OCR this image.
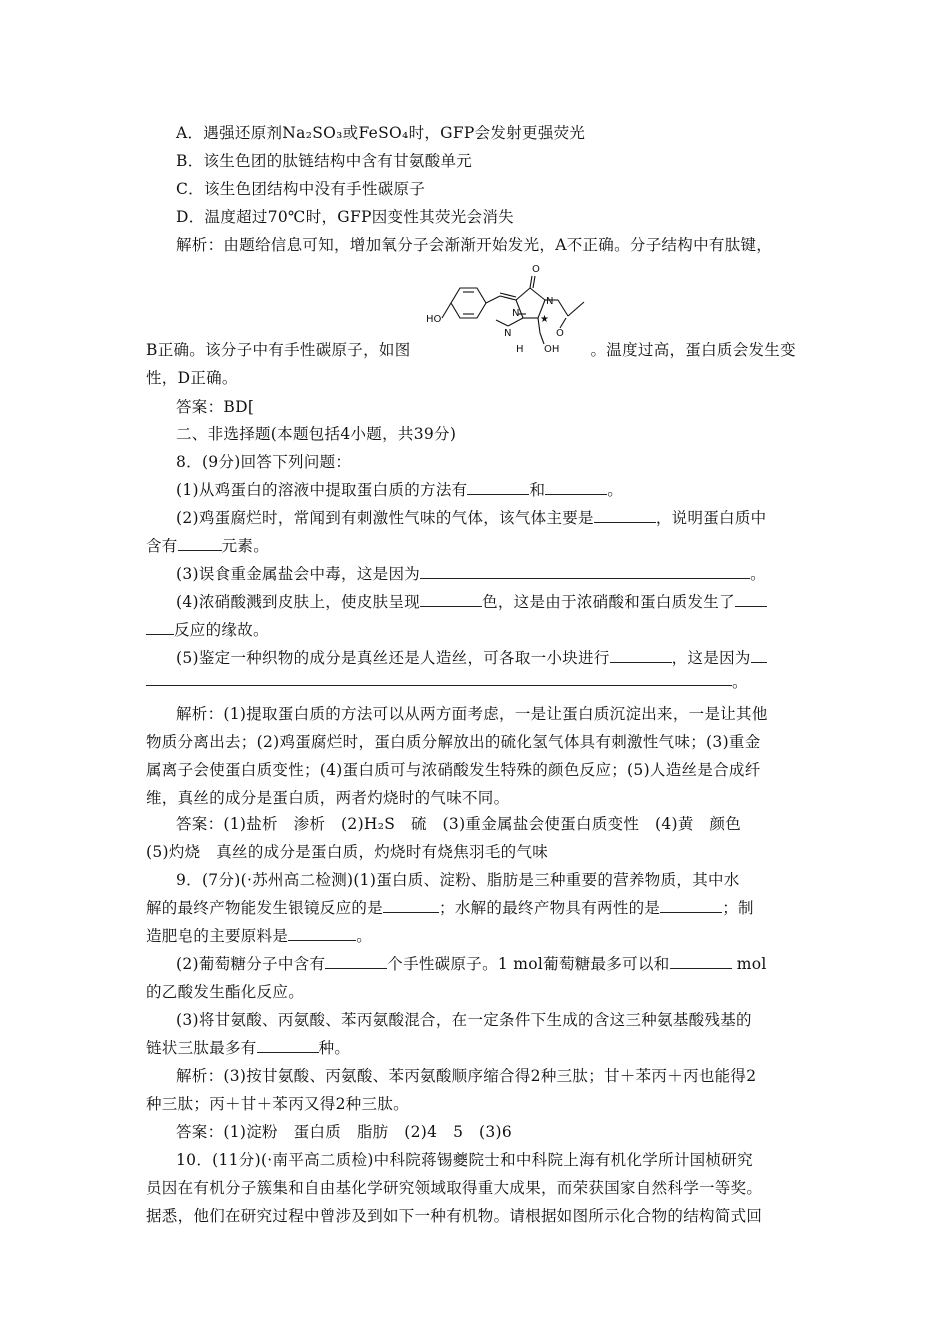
A．遇强还原剂Na₂SO₃或FeSO₄时，GFP会发射更强荧光
B．该生色团的肽链结构中含有甘氨酸单元
C．该生色团结构中没有手性碳原子
D．温度超过70℃时，GFP因变性其荧光会消失
解析：由题给信息可知，增加氧分子会渐渐开始发光，A不正确。分子结构中有肽键，
HO
O
N
N
O
★
N
H OH
B正确。该分子中有手性碳原子，如图	。温度过高，蛋白质会发生变
性，D正确。
答案：BD[
二、非选择题(本题包括4小题，共39分)
8．(9分)回答下列问题：
(1)从鸡蛋白的溶液中提取蛋白质的方法有	和	。
(2)鸡蛋腐烂时，常闻到有刺激性气味的气体，该气体主要是	，说明蛋白质中
含有	元素。
(3)误食重金属盐会中毒，这是因为	。
(4)浓硝酸溅到皮肤上，使皮肤呈现	色，这是由于浓硝酸和蛋白质发生了
反应的缘故。
(5)鉴定一种织物的成分是真丝还是人造丝，可各取一小块进行	，这是因为
。
解析：(1)提取蛋白质的方法可以从两方面考虑，一是让蛋白质沉淀出来，一是让其他
物质分离出去；(2)鸡蛋腐烂时，蛋白质分解放出的硫化氢气体具有刺激性气味；(3)重金
属离子会使蛋白质变性；(4)蛋白质可与浓硝酸发生特殊的颜色反应；(5)人造丝是合成纤
维，真丝的成分是蛋白质，两者灼烧时的气味不同。
答案：(1)盐析　渗析　(2)H₂S　硫　(3)重金属盐会使蛋白质变性　(4)黄　颜色
(5)灼烧　真丝的成分是蛋白质，灼烧时有烧焦羽毛的气味
9．(7分)(·苏州高二检测)(1)蛋白质、淀粉、脂肪是三种重要的营养物质，其中水
解的最终产物能发生银镜反应的是	；水解的最终产物具有两性的是	；制
造肥皂的主要原料是	。
(2)葡萄糖分子中含有	个手性碳原子。1 mol葡萄糖最多可以和	mol
的乙酸发生酯化反应。
(3)将甘氨酸、丙氨酸、苯丙氨酸混合，在一定条件下生成的含这三种氨基酸残基的
链状三肽最多有	种。
解析：(3)按甘氨酸、丙氨酸、苯丙氨酸顺序缩合得2种三肽；甘＋苯丙＋丙也能得2
种三肽；丙＋甘＋苯丙又得2种三肽。
答案：(1)淀粉　蛋白质　脂肪　(2)4　5　(3)6
10．(11分)(·南平高二质检)中科院蒋锡夔院士和中科院上海有机化学所计国桢研究
员因在有机分子簇集和自由基化学研究领域取得重大成果，而荣获国家自然科学一等奖。
据悉，他们在研究过程中曾涉及到如下一种有机物。请根据如图所示化合物的结构简式回
